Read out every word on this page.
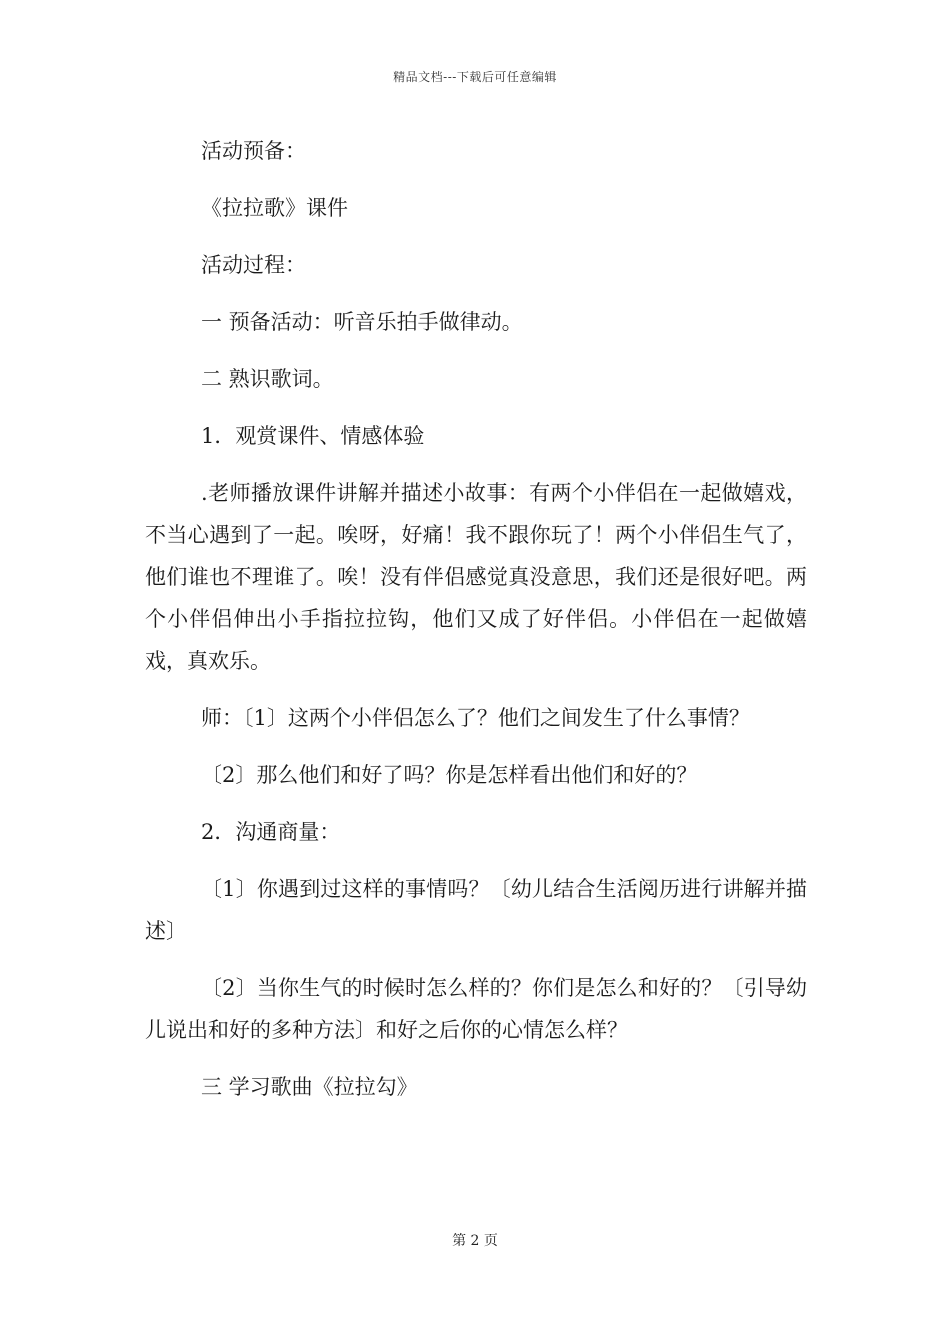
精品文档---下载后可任意编辑

活动预备：

《拉拉歌》课件

活动过程：

一 预备活动：听音乐拍手做律动。

二 熟识歌词。

1．观赏课件、情感体验

.老师播放课件讲解并描述小故事：有两个小伴侣在一起做嬉戏，不当心遇到了一起。唉呀，好痛！我不跟你玩了！两个小伴侣生气了，他们谁也不理谁了。唉！没有伴侣感觉真没意思，我们还是很好吧。两个小伴侣伸出小手指拉拉钩，他们又成了好伴侣。小伴侣在一起做嬉戏，真欢乐。

师：〔1〕这两个小伴侣怎么了？他们之间发生了什么事情？

〔2〕那么他们和好了吗？你是怎样看出他们和好的？

2．沟通商量：

〔1〕你遇到过这样的事情吗？〔幼儿结合生活阅历进行讲解并描述〕

〔2〕当你生气的时候时怎么样的？你们是怎么和好的？〔引导幼儿说出和好的多种方法〕和好之后你的心情怎么样？

三 学习歌曲《拉拉勾》

第 2 页
